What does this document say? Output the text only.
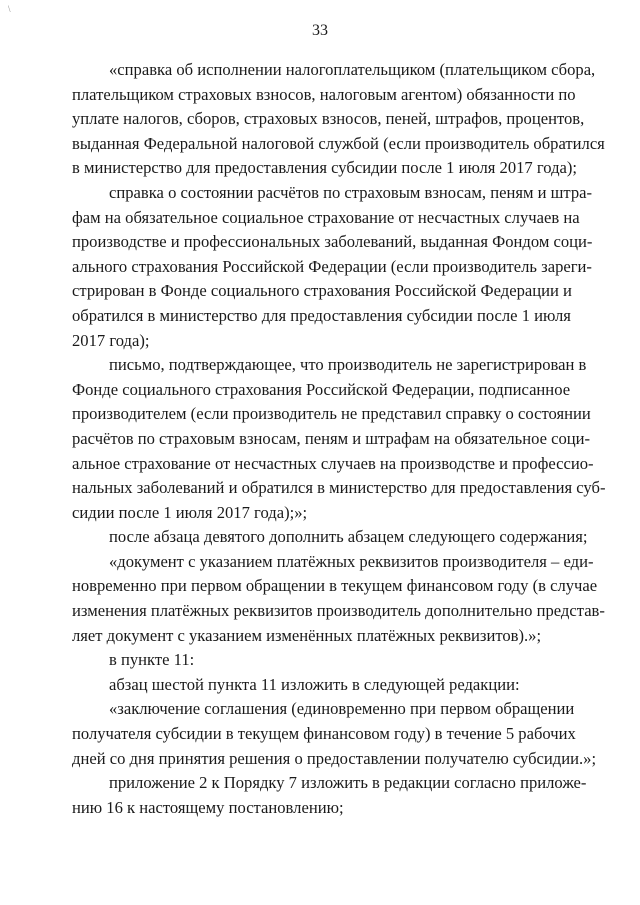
\
33

«справка об исполнении налогоплательщиком (плательщиком сбора,
плательщиком страховых взносов, налоговым агентом) обязанности по
уплате налогов, сборов, страховых взносов, пеней, штрафов, процентов,
выданная Федеральной налоговой службой (если производитель обратился
в министерство для предоставления субсидии после 1 июля 2017 года);

справка о состоянии расчётов по страховым взносам, пеням и штра-
фам на обязательное социальное страхование от несчастных случаев на
производстве и профессиональных заболеваний, выданная Фондом соци-
ального страхования Российской Федерации (если производитель зареги-
стрирован в Фонде социального страхования Российской Федерации и
обратился в министерство для предоставления субсидии после 1 июля
2017 года);

письмо, подтверждающее, что производитель не зарегистрирован в
Фонде социального страхования Российской Федерации, подписанное
производителем (если производитель не представил справку о состоянии
расчётов по страховым взносам, пеням и штрафам на обязательное соци-
альное страхование от несчастных случаев на производстве и профессио-
нальных заболеваний и обратился в министерство для предоставления суб-
сидии после 1 июля 2017 года);»;

после абзаца девятого дополнить абзацем следующего содержания;

«документ с указанием платёжных реквизитов производителя – еди-
новременно при первом обращении в текущем финансовом году (в случае
изменения платёжных реквизитов производитель дополнительно представ-
ляет документ с указанием изменённых платёжных реквизитов).»;

в пункте 11:

абзац шестой пункта 11 изложить в следующей редакции:

«заключение соглашения (единовременно при первом обращении
получателя субсидии в текущем финансовом году) в течение 5 рабочих
дней со дня принятия решения о предоставлении получателю субсидии.»;

приложение 2 к Порядку 7 изложить в редакции согласно приложе-
нию 16 к настоящему постановлению;
